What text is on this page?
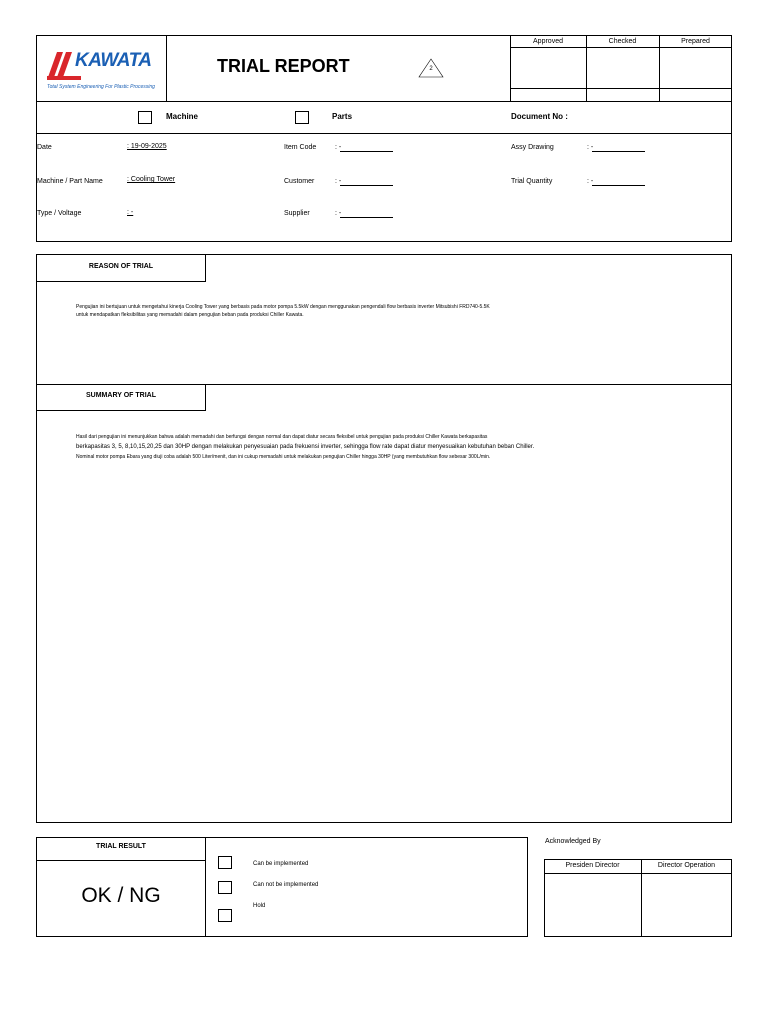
KAWATA
Total System Engineering For Plastic Processing
TRIAL REPORT	2
Approved	Checked	Prepared
Machine	Parts	Document No :
Date	: 19-09-2025
Machine / Part Name	: Cooling Tower
Type / Voltage	: -
Item Code	: -
Customer	: -
Supplier	: -
Assy Drawing	: -
Trial Quantity	: -
REASON OF TRIAL
Pengujian ini bertujuan untuk mengetahui kinerja Cooling Tower yang berbasis pada motor pompa 5.5kW dengan menggunakan pengendali flow berbasis inverter Mitsubishi FRD740-5.5K
untuk mendapatkan fleksibilitas yang memadahi dalam pengujian beban pada produksi Chiller Kawata.
SUMMARY OF TRIAL
Hasil dari pengujian ini menunjukkan bahwa adalah memadahi dan berfungsi dengan normal dan dapat diatur secara fleksibel untuk pengujian pada produksi Chiller Kawata berkapasitas
berkapasitas 3, 5, 8,10,15,20,25 dan 30HP dengan melakukan penyesuaian pada frekuensi inverter, sehingga flow rate dapat diatur menyesuaikan kebutuhan beban Chiller.
Nominal motor pompa Ebara yang diuji coba adalah 500 Liter/menit, dan ini cukup memadahi untuk melakukan pengujian Chiller hingga 30HP (yang membutuhkan flow sebesar 300L/min.
TRIAL RESULT
OK / NG
Can be implemented
Can not be implemented
Hold
Acknowledged By
Presiden Director	Director Operation
